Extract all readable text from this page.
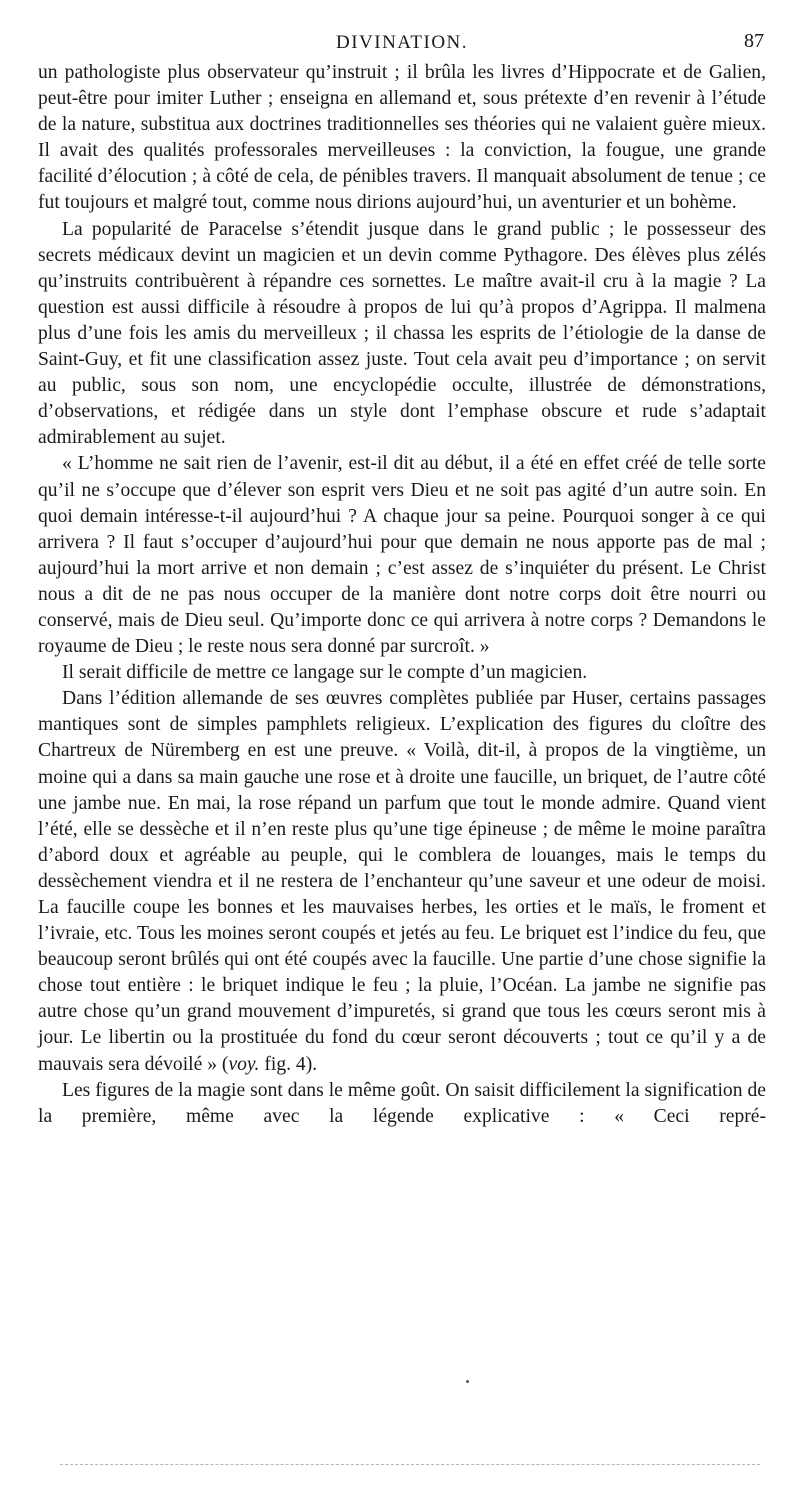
DIVINATION.	87

un pathologiste plus observateur qu’instruit ; il brûla les livres d’Hippocrate et de Galien, peut-être pour imiter Luther ; enseigna en allemand et, sous prétexte d’en revenir à l’étude de la nature, substitua aux doctrines traditionnelles ses théories qui ne valaient guère mieux. Il avait des qualités professorales merveilleuses : la conviction, la fougue, une grande facilité d’élocution ; à côté de cela, de pénibles travers. Il manquait absolument de tenue ; ce fut toujours et malgré tout, comme nous dirions aujourd’hui, un aventurier et un bohème.

La popularité de Paracelse s’étendit jusque dans le grand public ; le possesseur des secrets médicaux devint un magicien et un devin comme Pythagore. Des élèves plus zélés qu’instruits contribuèrent à répandre ces sornettes. Le maître avait-il cru à la magie ? La question est aussi difficile à résoudre à propos de lui qu’à propos d’Agrippa. Il malmena plus d’une fois les amis du merveilleux ; il chassa les esprits de l’étiologie de la danse de Saint-Guy, et fit une classification assez juste. Tout cela avait peu d’importance ; on servit au public, sous son nom, une encyclopédie occulte, illustrée de démonstrations, d’observations, et rédigée dans un style dont l’emphase obscure et rude s’adaptait admirablement au sujet.

« L’homme ne sait rien de l’avenir, est-il dit au début, il a été en effet créé de telle sorte qu’il ne s’occupe que d’élever son esprit vers Dieu et ne soit pas agité d’un autre soin. En quoi demain intéresse-t-il aujourd’hui ? A chaque jour sa peine. Pourquoi songer à ce qui arrivera ? Il faut s’occuper d’aujourd’hui pour que demain ne nous apporte pas de mal ; aujourd’hui la mort arrive et non demain ; c’est assez de s’inquiéter du présent. Le Christ nous a dit de ne pas nous occuper de la manière dont notre corps doit être nourri ou conservé, mais de Dieu seul. Qu’importe donc ce qui arrivera à notre corps ? Demandons le royaume de Dieu ; le reste nous sera donné par surcroît. »

Il serait difficile de mettre ce langage sur le compte d’un magicien.

Dans l’édition allemande de ses œuvres complètes publiée par Huser, certains passages mantiques sont de simples pamphlets religieux. L’explication des figures du cloître des Chartreux de Nüremberg en est une preuve. « Voilà, dit-il, à propos de la vingtième, un moine qui a dans sa main gauche une rose et à droite une faucille, un briquet, de l’autre côté une jambe nue. En mai, la rose répand un parfum que tout le monde admire. Quand vient l’été, elle se dessèche et il n’en reste plus qu’une tige épineuse ; de même le moine paraîtra d’abord doux et agréable au peuple, qui le comblera de louanges, mais le temps du dessèchement viendra et il ne restera de l’enchanteur qu’une saveur et une odeur de moisi. La faucille coupe les bonnes et les mauvaises herbes, les orties et le maïs, le froment et l’ivraie, etc. Tous les moines seront coupés et jetés au feu. Le briquet est l’indice du feu, que beaucoup seront brûlés qui ont été coupés avec la faucille. Une partie d’une chose signifie la chose tout entière : le briquet indique le feu ; la pluie, l’Océan. La jambe ne signifie pas autre chose qu’un grand mouvement d’impuretés, si grand que tous les cœurs seront mis à jour. Le libertin ou la prostituée du fond du cœur seront découverts ; tout ce qu’il y a de mauvais sera dévoilé » (voy. fig. 4).

Les figures de la magie sont dans le même goût. On saisit difficilement la signification de la première, même avec la légende explicative : « Ceci repré-
